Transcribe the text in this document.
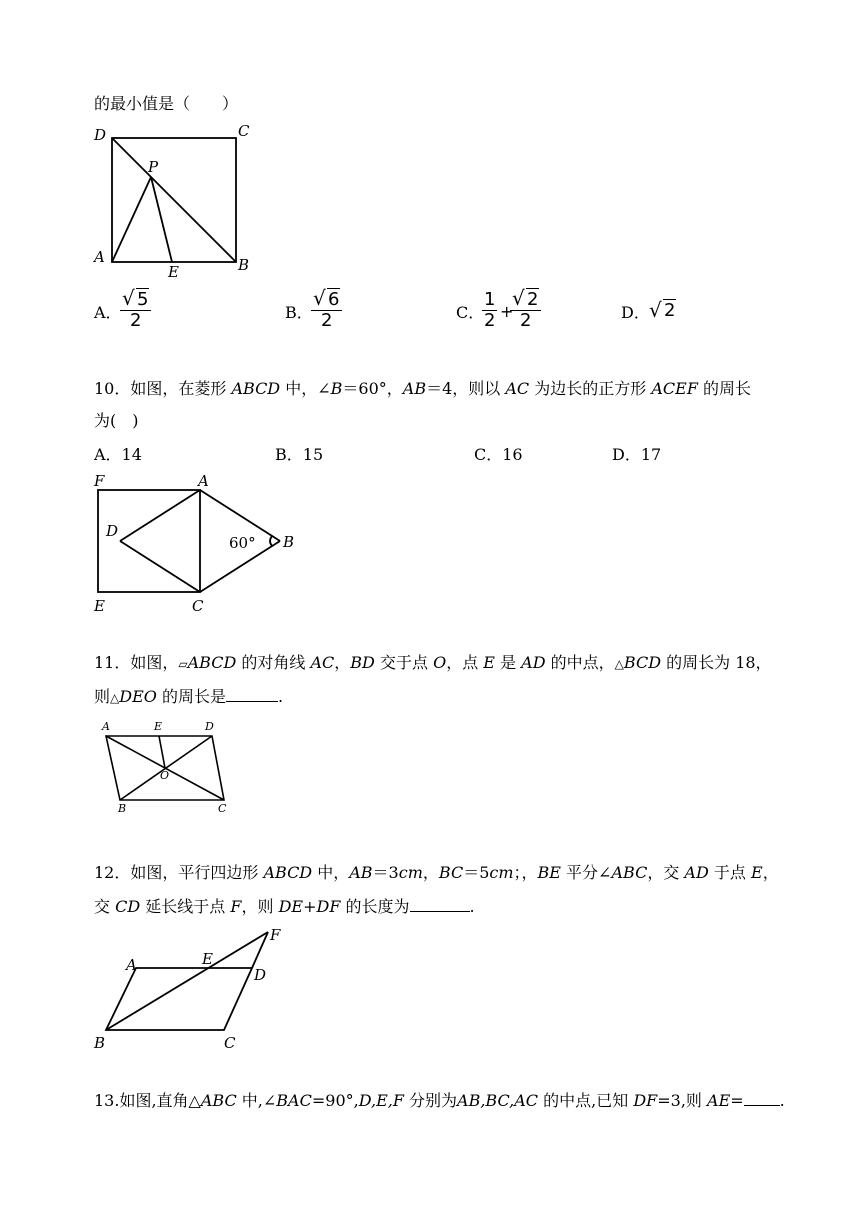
的最小值是（　　）
D	C
P
A
E	B
A．
$\frac{√ 5}{2}$	B．
$\frac{√ 6}{2}$	C．
$\frac{1}{2}$ +
$\frac{√ 2}{2}$	D． √ 2
10．如图，在菱形 ABCD 中，∠B＝60°，AB＝4，则以 AC 为边长的正方形 ACEF 的周长
为(　)
A．14	B．15	C．16	D．17
F	A
D
B
E	C
60°
11．如图，▱ABCD 的对角线 AC，BD 交于点 O，点 E 是 AD 的中点，△BCD 的周长为 18，
则△DEO 的周长是	.
A	E	D
O
B	C
12．如图，平行四边形 ABCD 中，AB＝3cm，BC＝5cm；，BE 平分∠ABC，交 AD 于点 E，
交 CD 延长线于点 F，则 DE+DF 的长度为	.
F
A	E
D
B	C
13.如图,直角△ABC 中,∠BAC=90°,D,E,F 分别为AB,BC,AC 的中点,已知 DF=3,则 AE= .
